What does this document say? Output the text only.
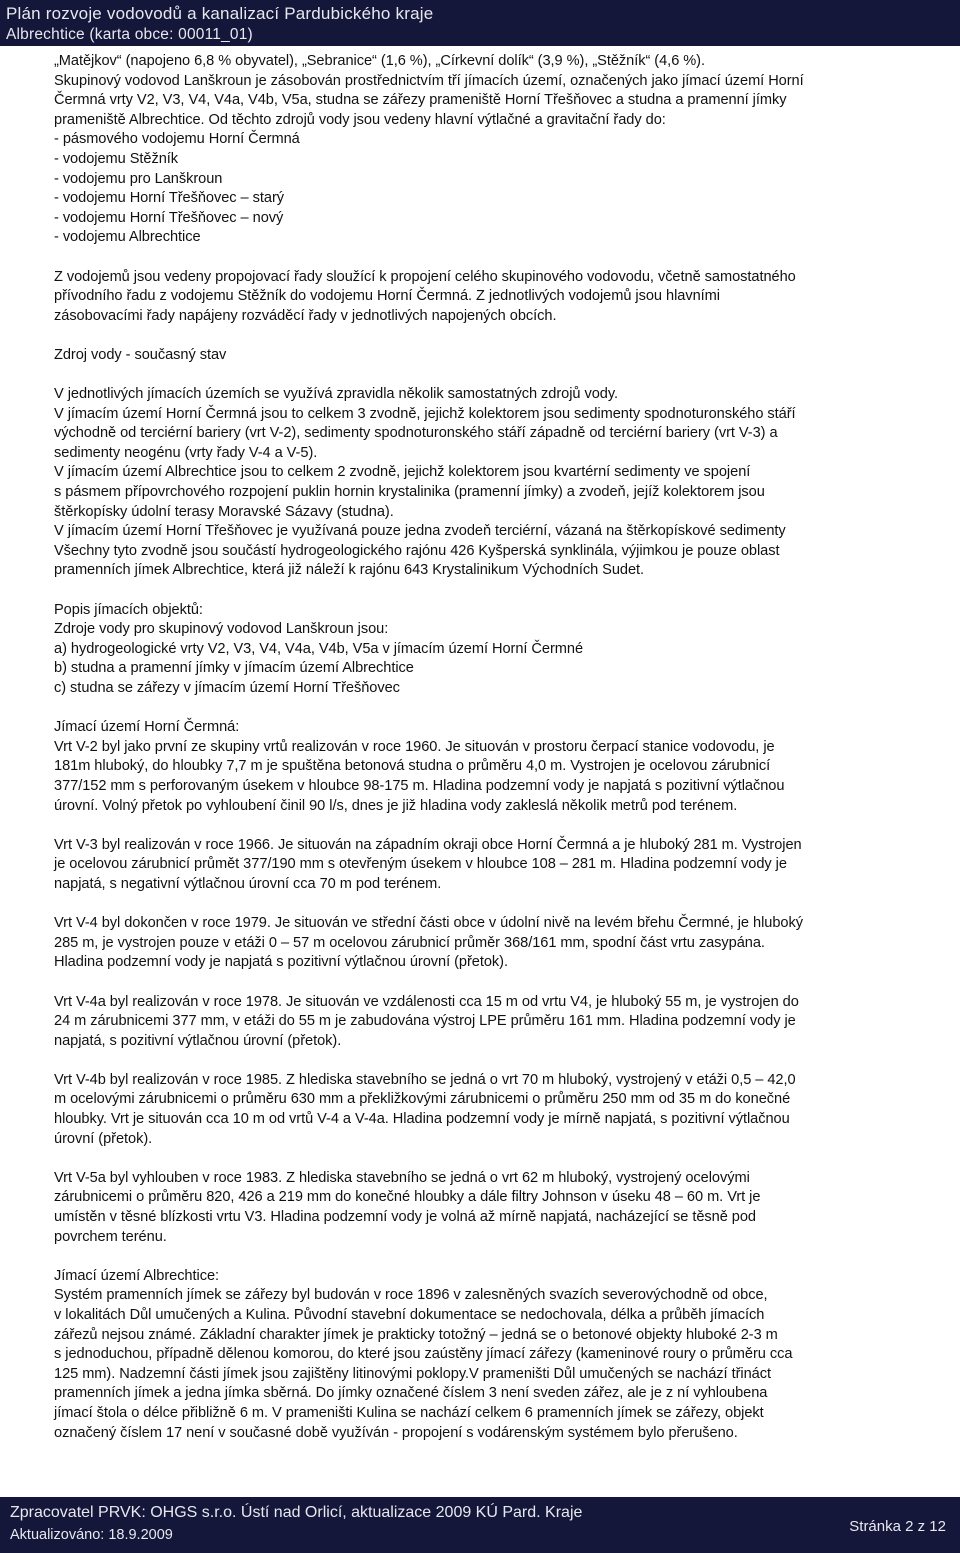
Plán rozvoje vodovodů a kanalizací Pardubického kraje
Albrechtice (karta obce: 00011_01)

„Matějkov“ (napojeno 6,8 % obyvatel), „Sebranice“ (1,6 %), „Církevní dolík“ (3,9 %), „Stěžník“ (4,6 %).

Skupinový vodovod Lanškroun je zásobován prostřednictvím tří jímacích území, označených jako jímací území Horní

Čermná vrty V2, V3, V4, V4a, V4b, V5a, studna se zářezy prameniště Horní Třešňovec a studna a pramenní jímky

prameniště Albrechtice. Od těchto zdrojů vody jsou vedeny hlavní výtlačné a gravitační řady do:

- pásmového vodojemu Horní Čermná

- vodojemu Stěžník

- vodojemu pro Lanškroun

- vodojemu Horní Třešňovec – starý

- vodojemu Horní Třešňovec – nový

- vodojemu Albrechtice

Z vodojemů jsou vedeny propojovací řady sloužící k propojení celého skupinového vodovodu, včetně samostatného

přívodního řadu z vodojemu Stěžník do vodojemu Horní Čermná. Z jednotlivých vodojemů jsou hlavními

zásobovacími řady napájeny rozváděcí řady v jednotlivých napojených obcích.

Zdroj vody - současný stav

V jednotlivých jímacích územích se využívá zpravidla několik samostatných zdrojů vody.

V jímacím území Horní Čermná jsou to celkem 3 zvodně, jejichž kolektorem jsou sedimenty spodnoturonského stáří

východně od terciérní bariery (vrt V-2), sedimenty spodnoturonského stáří západně od terciérní bariery (vrt V-3) a

sedimenty neogénu (vrty řady V-4 a V-5).

V jímacím území Albrechtice jsou to celkem 2 zvodně, jejichž kolektorem jsou kvartérní sedimenty ve spojení

s pásmem přípovrchového rozpojení puklin hornin krystalinika (pramenní jímky) a zvodeň, jejíž kolektorem jsou

štěrkopísky údolní terasy Moravské Sázavy (studna).

V jímacím území Horní Třešňovec je využívaná pouze jedna zvodeň terciérní, vázaná na štěrkopískové sedimenty

Všechny tyto zvodně jsou součástí hydrogeologického rajónu 426 Kyšperská synklinála, výjimkou je pouze oblast

pramenních jímek Albrechtice, která již náleží k rajónu 643 Krystalinikum Východních Sudet.

Popis jímacích objektů:

Zdroje vody pro skupinový vodovod Lanškroun jsou:

a) hydrogeologické vrty V2, V3, V4, V4a, V4b, V5a v jímacím území Horní Čermné

b) studna a pramenní jímky v jímacím území Albrechtice

c) studna se zářezy v jímacím území Horní Třešňovec

Jímací území Horní Čermná:

Vrt V-2 byl jako první ze skupiny vrtů realizován v roce 1960. Je situován v prostoru čerpací stanice vodovodu, je

181m hluboký, do hloubky 7,7 m je spuštěna betonová studna o průměru 4,0 m. Vystrojen je ocelovou zárubnicí

377/152 mm s perforovaným úsekem v hloubce 98-175 m. Hladina podzemní vody je napjatá s pozitivní výtlačnou

úrovní. Volný přetok po vyhloubení činil 90 l/s, dnes je již hladina vody zakleslá několik metrů pod terénem.

Vrt V-3 byl realizován v roce 1966. Je situován na západním okraji obce Horní Čermná a je hluboký 281 m. Vystrojen

je ocelovou zárubnicí průmět 377/190 mm s otevřeným úsekem v hloubce 108 – 281 m. Hladina podzemní vody je

napjatá, s negativní výtlačnou úrovní cca 70 m pod terénem.

Vrt V-4 byl dokončen v roce 1979. Je situován ve střední části obce v údolní nivě na levém břehu Čermné, je hluboký

285 m, je vystrojen pouze v etáži 0 – 57 m ocelovou zárubnicí průměr 368/161 mm, spodní část vrtu zasypána.

Hladina podzemní vody je napjatá s pozitivní výtlačnou úrovní (přetok).

Vrt V-4a byl realizován v roce 1978. Je situován ve vzdálenosti cca 15 m od vrtu V4, je hluboký 55 m, je vystrojen do

24 m zárubnicemi 377 mm, v etáži do 55 m je zabudována výstroj LPE průměru 161 mm. Hladina podzemní vody je

napjatá, s pozitivní výtlačnou úrovní (přetok).

Vrt V-4b byl realizován v roce 1985. Z hlediska stavebního se jedná o vrt 70 m hluboký, vystrojený v etáži 0,5 – 42,0

m ocelovými zárubnicemi o průměru 630 mm a překližkovými zárubnicemi o průměru 250 mm od 35 m do konečné

hloubky. Vrt je situován cca 10 m od vrtů V-4 a V-4a. Hladina podzemní vody je mírně napjatá, s pozitivní výtlačnou

úrovní (přetok).

Vrt V-5a byl vyhlouben v roce 1983. Z hlediska stavebního se jedná o vrt 62 m hluboký, vystrojený ocelovými

zárubnicemi o průměru 820, 426 a 219 mm do konečné hloubky a dále filtry Johnson v úseku 48 – 60 m. Vrt je

umístěn v těsné blízkosti vrtu V3. Hladina podzemní vody je volná až mírně napjatá, nacházející se těsně pod

povrchem terénu.

Jímací území Albrechtice:

Systém pramenních jímek se zářezy byl budován v roce 1896 v zalesněných svazích severovýchodně od obce,

v lokalitách Důl umučených a Kulina. Původní stavební dokumentace se nedochovala, délka a průběh jímacích

zářezů nejsou známé. Základní charakter jímek je prakticky totožný – jedná se o betonové objekty hluboké 2-3 m

s jednoduchou, případně dělenou komorou, do které jsou zaústěny jímací zářezy (kameninové roury o průměru cca

125 mm). Nadzemní části jímek jsou zajištěny litinovými poklopy.V prameništi Důl umučených se nachází třináct

pramenních jímek a jedna jímka sběrná. Do jímky označené číslem 3 není sveden zářez, ale je z ní vyhloubena

jímací štola o délce přibližně 6 m. V prameništi Kulina se nachází celkem 6 pramenních jímek se zářezy, objekt

označený číslem 17 není v současné době využíván - propojení s vodárenským systémem bylo přerušeno.

Zpracovatel PRVK: OHGS s.r.o. Ústí nad Orlicí, aktualizace 2009 KÚ Pard. Kraje
Aktualizováno: 18.9.2009	Stránka 2 z 12
